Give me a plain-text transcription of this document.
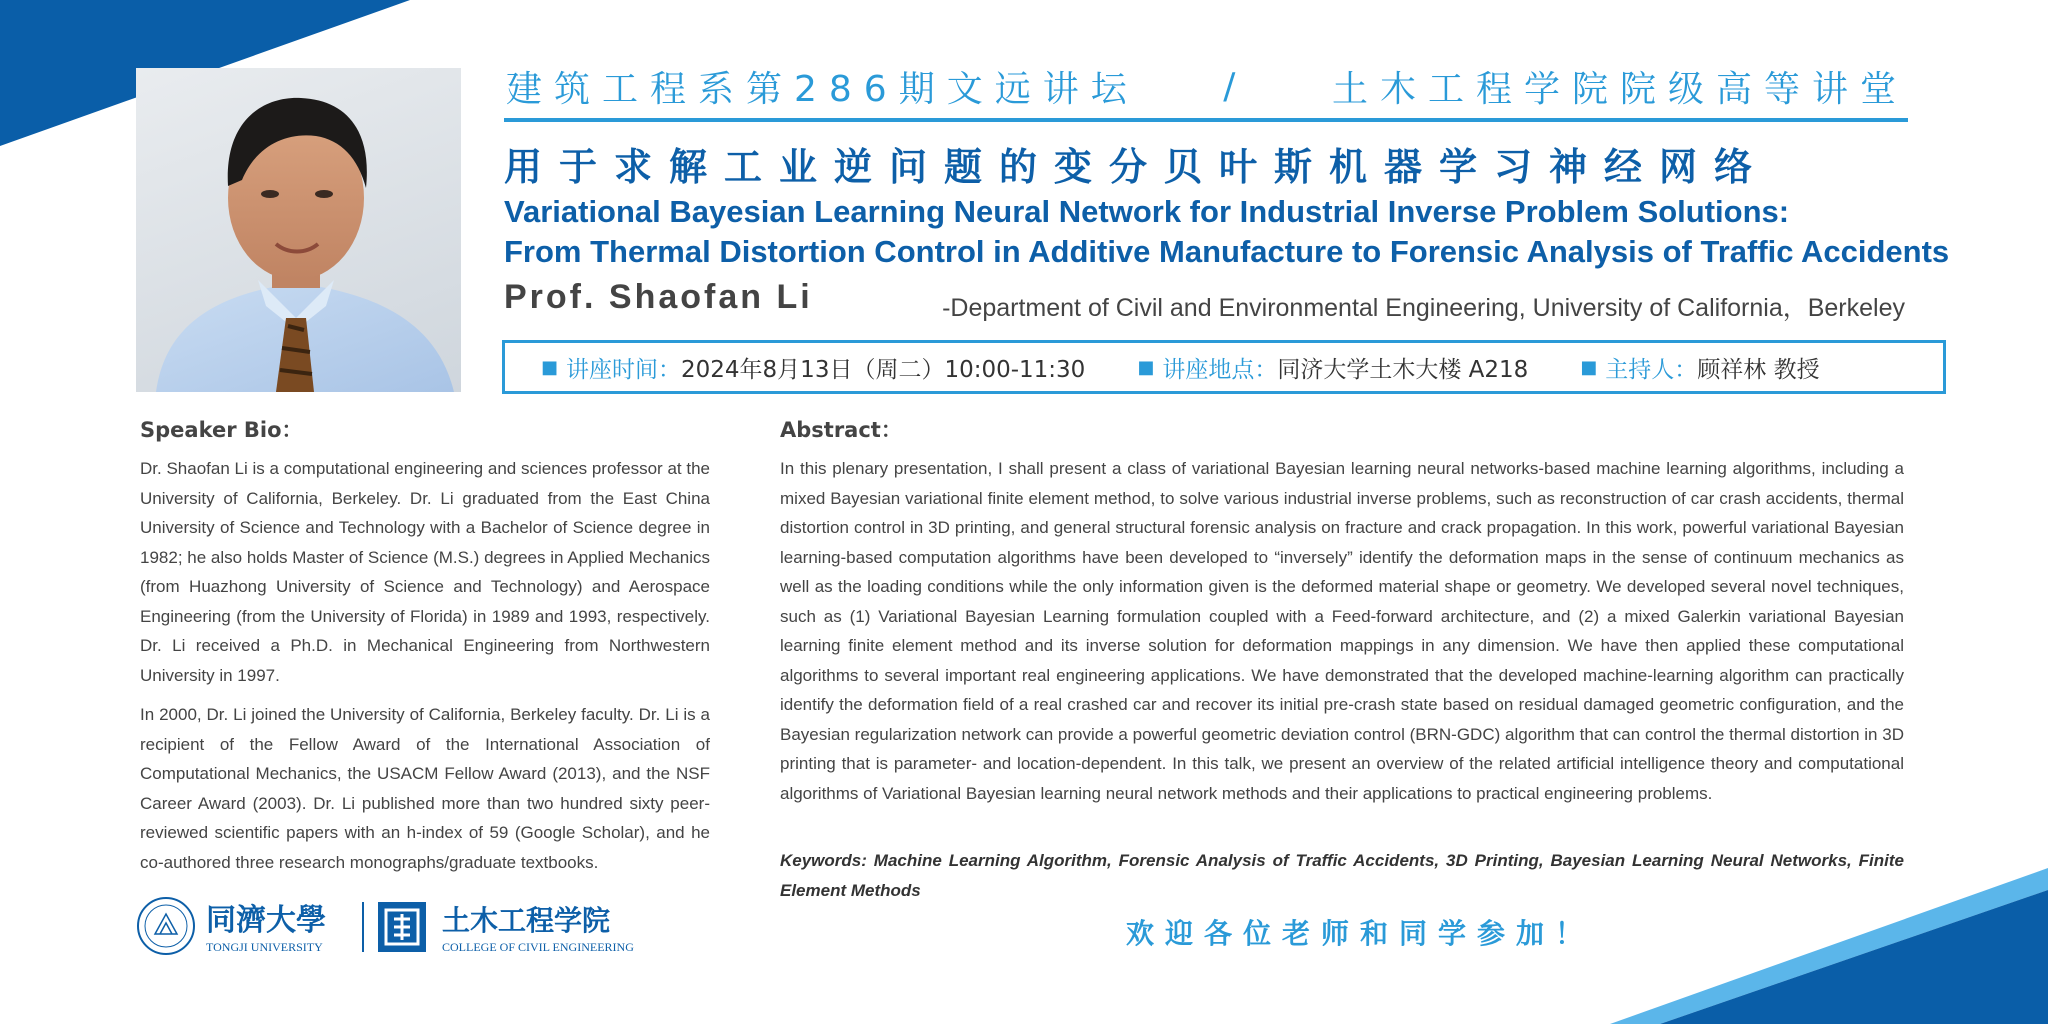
建筑工程系第286期文远讲坛 / 土木工程学院院级高等讲堂
用于求解工业逆问题的变分贝叶斯机器学习神经网络
Variational Bayesian Learning Neural Network for Industrial Inverse Problem Solutions:
From Thermal Distortion Control in Additive Manufacture to Forensic Analysis of Traffic Accidents
Prof. Shaofan Li	-Department of Civil and Environmental Engineering, University of California，Berkeley
■ 讲座时间： 2024年8月13日（周二）10:00-11:30	■ 讲座地点： 同济大学土木大楼 A218	■ 主持人： 顾祥林 教授
Speaker Bio：

Dr. Shaofan Li is a computational engineering and sciences professor at the University of California, Berkeley. Dr. Li graduated from the East China University of Science and Technology with a Bachelor of Science degree in 1982; he also holds Master of Science (M.S.) degrees in Applied Mechanics (from Huazhong University of Science and Technology) and Aerospace Engineering (from the University of Florida) in 1989 and 1993, respectively. Dr. Li received a Ph.D. in Mechanical Engineering from Northwestern University in 1997.

In 2000, Dr. Li joined the University of California, Berkeley faculty. Dr. Li is a recipient of the Fellow Award of the International Association of Computational Mechanics, the USACM Fellow Award (2013), and the NSF Career Award (2003). Dr. Li published more than two hundred sixty peer-reviewed scientific papers with an h-index of 59 (Google Scholar), and he co-authored three research monographs/graduate textbooks.

Abstract：

In this plenary presentation, I shall present a class of variational Bayesian learning neural networks-based machine learning algorithms, including a mixed Bayesian variational finite element method, to solve various industrial inverse problems, such as reconstruction of car crash accidents, thermal distortion control in 3D printing, and general structural forensic analysis on fracture and crack propagation. In this work, powerful variational Bayesian learning-based computation algorithms have been developed to “inversely” identify the deformation maps in the sense of continuum mechanics as well as the loading conditions while the only information given is the deformed material shape or geometry. We developed several novel techniques, such as (1) Variational Bayesian Learning formulation coupled with a Feed-forward architecture, and (2) a mixed Galerkin variational Bayesian learning finite element method and its inverse solution for deformation mappings in any dimension. We have then applied these computational algorithms to several important real engineering applications. We have demonstrated that the developed machine-learning algorithm can practically identify the deformation field of a real crashed car and recover its initial pre-crash state based on residual damaged geometric configuration, and the Bayesian regularization network can provide a powerful geometric deviation control (BRN-GDC) algorithm that can control the thermal distortion in 3D printing that is parameter- and location-dependent. In this talk, we present an overview of the related artificial intelligence theory and computational algorithms of Variational Bayesian learning neural network methods and their applications to practical engineering problems.

Keywords: Machine Learning Algorithm, Forensic Analysis of Traffic Accidents, 3D Printing, Bayesian Learning Neural Networks, Finite Element Methods

欢迎各位老师和同学参加！
同濟大學
TONGJI UNIVERSITY
土木工程学院
COLLEGE OF CIVIL ENGINEERING
